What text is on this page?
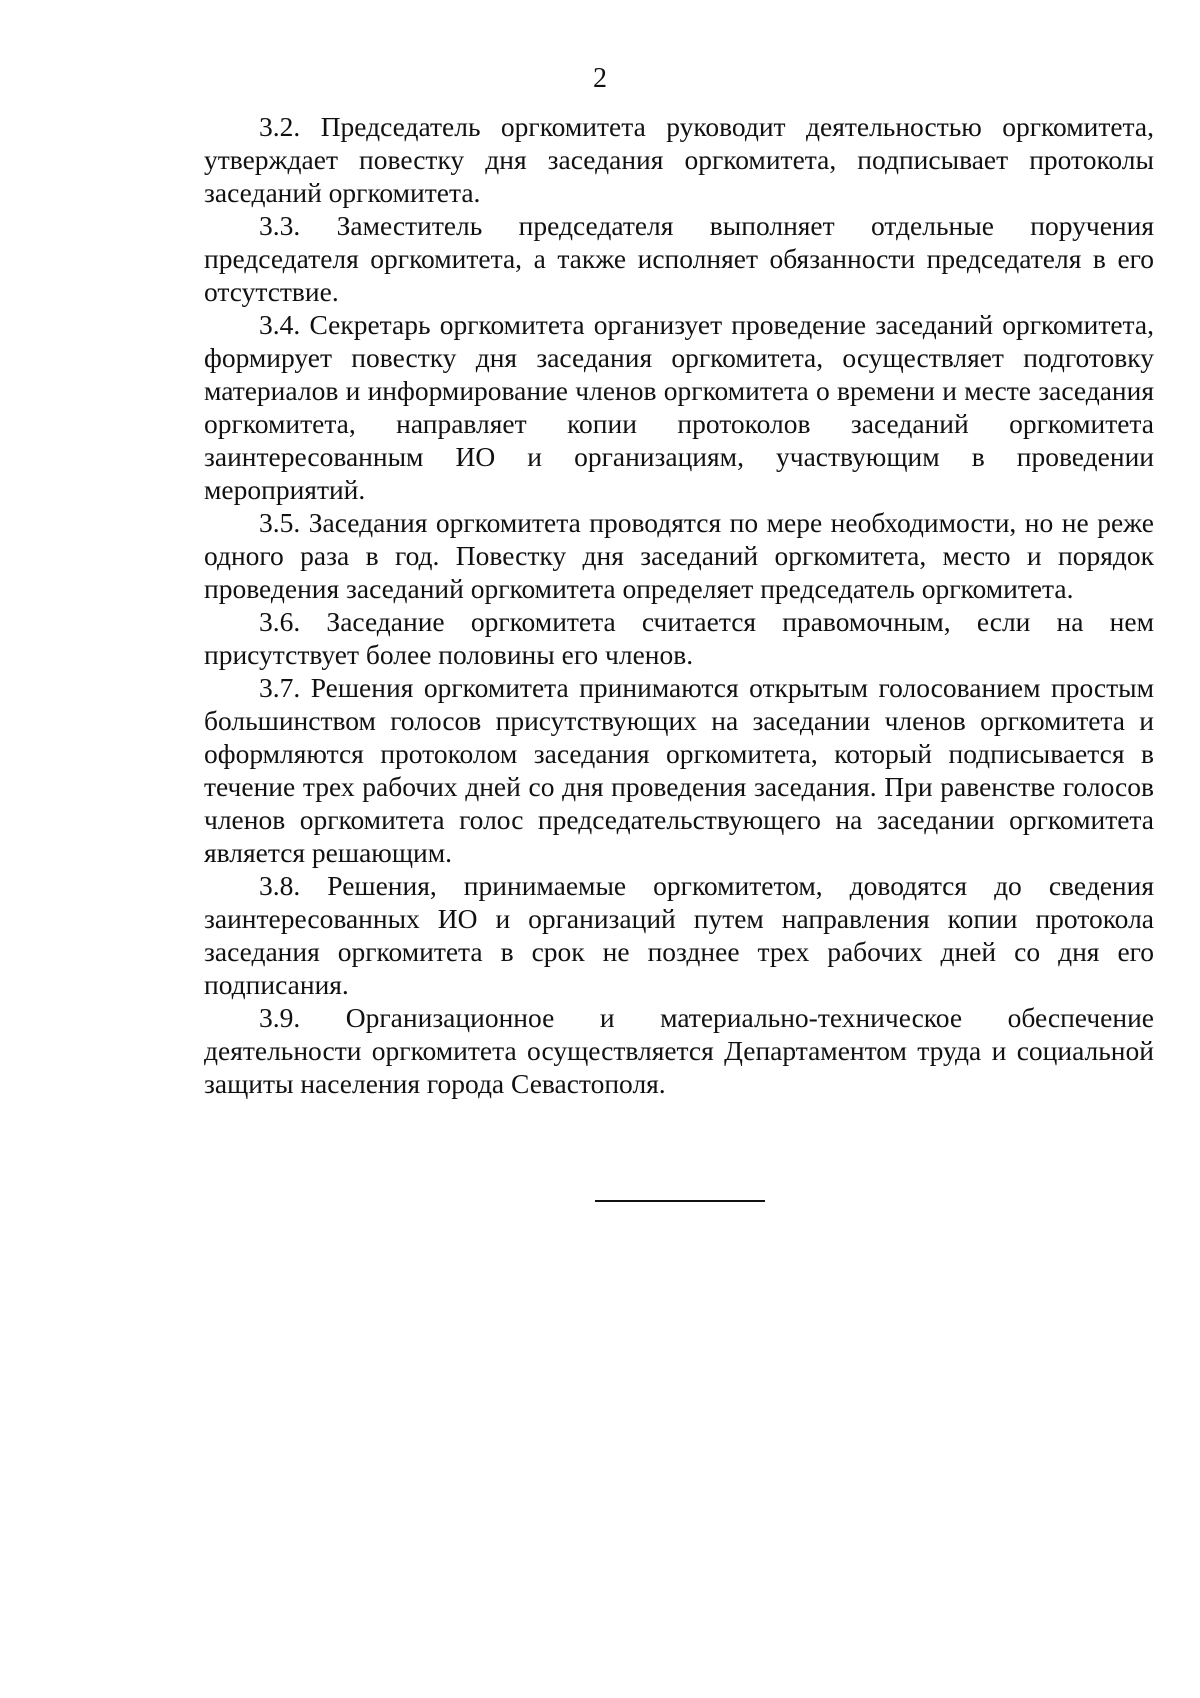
2

3.2. Председатель оргкомитета руководит деятельностью оргкомитета, утверждает повестку дня заседания оргкомитета, подписывает протоколы заседаний оргкомитета.

3.3. Заместитель председателя выполняет отдельные поручения председателя оргкомитета, а также исполняет обязанности председателя в его отсутствие.

3.4. Секретарь оргкомитета организует проведение заседаний оргкомитета, формирует повестку дня заседания оргкомитета, осуществляет подготовку материалов и информирование членов оргкомитета о времени и месте заседания оргкомитета, направляет копии протоколов заседаний оргкомитета заинтересованным ИО и организациям, участвующим в проведении мероприятий.

3.5. Заседания оргкомитета проводятся по мере необходимости, но не реже одного раза в год. Повестку дня заседаний оргкомитета, место и порядок проведения заседаний оргкомитета определяет председатель оргкомитета.

3.6. Заседание оргкомитета считается правомочным, если на нем присутствует более половины его членов.

3.7. Решения оргкомитета принимаются открытым голосованием простым большинством голосов присутствующих на заседании членов оргкомитета и оформляются протоколом заседания оргкомитета, который подписывается в течение трех рабочих дней со дня проведения заседания. При равенстве голосов членов оргкомитета голос председательствующего на заседании оргкомитета является решающим.

3.8. Решения, принимаемые оргкомитетом, доводятся до сведения заинтересованных ИО и организаций путем направления копии протокола заседания оргкомитета в срок не позднее трех рабочих дней со дня его подписания.

3.9. Организационное и материально-техническое обеспечение деятельности оргкомитета осуществляется Департаментом труда и социальной защиты населения города Севастополя.
